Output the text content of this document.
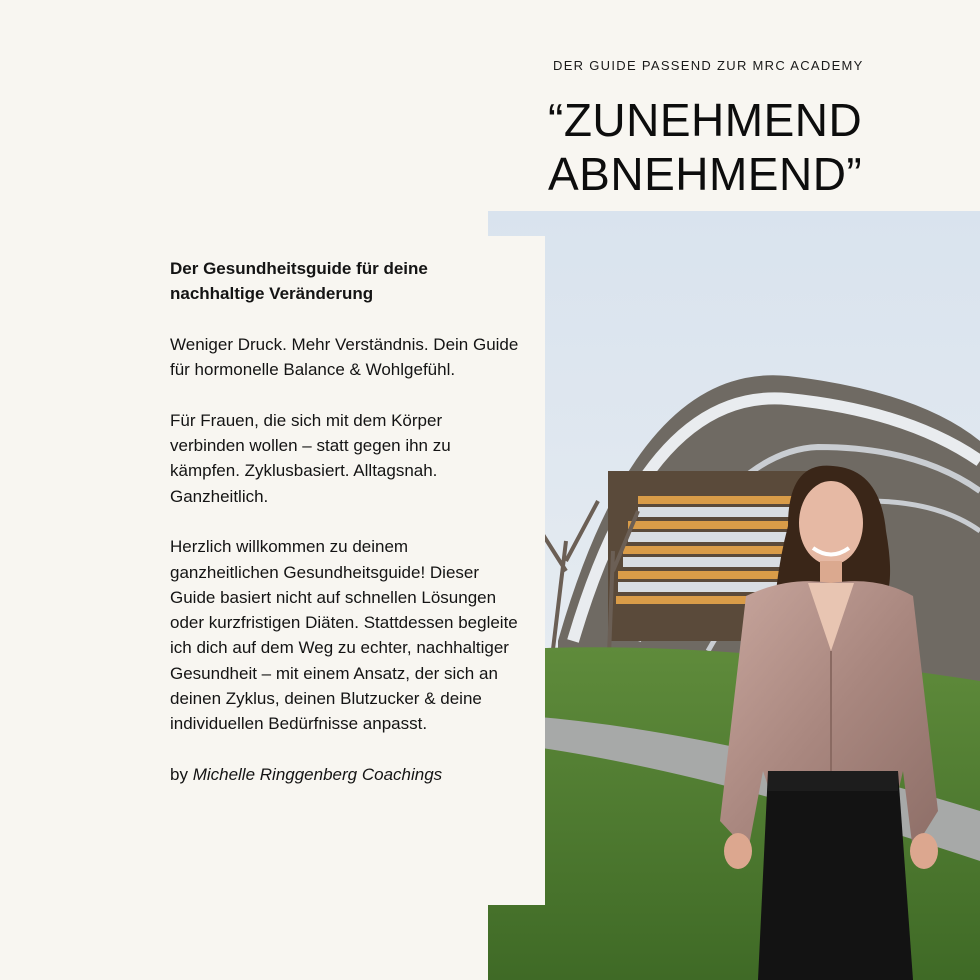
DER GUIDE PASSEND ZUR MRC ACADEMY
“ZUNEHMEND
ABNEHMEND”

Der Gesundheitsguide für deine nachhaltige Veränderung

Weniger Druck. Mehr Verständnis. Dein Guide für hormonelle Balance & Wohlgefühl.

Für Frauen, die sich mit dem Körper verbinden wollen – statt gegen ihn zu kämpfen. Zyklusbasiert. Alltagsnah. Ganzheitlich.

Herzlich willkommen zu deinem ganzheitlichen Gesundheitsguide! Dieser Guide basiert nicht auf schnellen Lösungen oder kurzfristigen Diäten. Stattdessen begleite ich dich auf dem Weg zu echter, nachhaltiger Gesundheit – mit einem Ansatz, der sich an deinen Zyklus, deinen Blutzucker & deine individuellen Bedürfnisse anpasst.

by Michelle Ringgenberg Coachings
